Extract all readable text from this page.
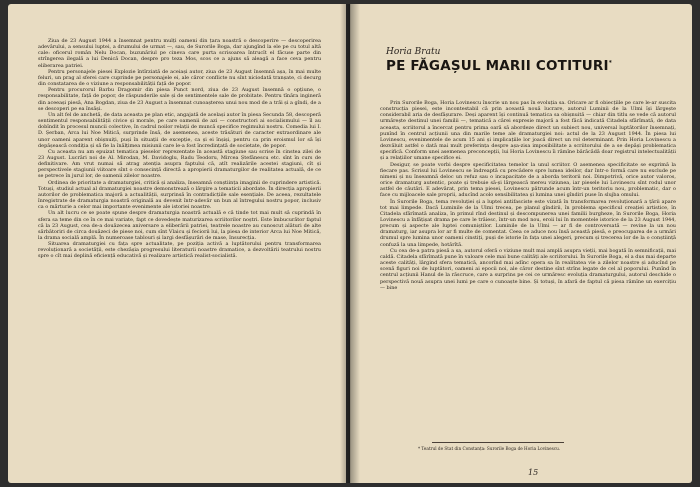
Ziua de 23 August 1944 a însemnat pentru mulți oameni din țara noastră o descoperire — descoperirea adevărului, a sensului luptei, a drumului de urmat —, sau, de Surorile Boga, dar ajungînd la ele pe cu totul altă cale: oficerul român Nelu Docan, buzunăriul pe cineva care purta scrisoarea întrucît el făcuse parte din strîngerea ilegală a lui Denică Docan, despre pro teza Mos, scos ce a ajuns să aleagă a face ceva pentru eliberarea patriei.

Pentru personajele piesei Explozie întîrziată de aceiași autor, ziua de 23 August însemnă așa, în mai multe feluri, un prag al sferei care cuprinde pe personajele ei, ale căror conflicte nu sînt niciodată tranșate, ci decurg din constatarea de o viziune a responsabilității față de popor.

Pentru procurorul Barbu Dragomir din piesa Punct nord, ziua de 23 August însemnă o opțiune, o responsabilitate, față de popor, de răspunderile sale și de sentimentele sale de probitate. Pentru tînăra ingineră din aceeași piesă, Ana Bogdan, ziua de 23 August a însemnat cunoașterea unui nou mod de a trăi și a gîndi, de a se descoperi pe ea însăși.

Un alt fel de anchetă, de data aceasta pe plan etic, angajată de același autor în piesa Secunda 58, descoperă sentimentul responsabilității civice și morale, pe care oamenii de azi — constructori ai socialismului — îl au dobîndit în procesul muncii colective, în cadrul noilor relații de muncă specifice regimului nostru. Comedia lui I. D. Șerban, Arca lui Noe Mitică, surprinde însă, de asemenea, aceste trăsături de caracter extraordinare ale unor oameni aparent obișnuiți, puși în situații de excepție, ca și ei înșiși, pentru ca prin eroismul lor să își depășească condiția și să fie la înălțimea misiunii care le-a fost încredințată de societate, de popor.

Cu aceasta nu am epuizat tematica pieselor reprezentate în această stagiune sau scrise în cinstea zilei de 23 August. Lucrări noi de Al. Mirodan, M. Davidoglu, Radu Teodoru, Mircea Ștefănescu etc. sînt în curs de definitivare. Am vrut numai să atrag atenția asupra faptului că, atît realizările acestei stagiuni, cît și perspectivele stagiunii viitoare sînt o consecință directă a apropierii dramaturgilor de realitatea actuală, de ce se petrece în jurul lor, de oamenii zilelor noastre.

Ordinea de prioritate a dramaturgiei, critică și analiza, înseamnă conștiința imaginii de cuprindere artistică. Totuși, studiul actual al dramaturgiei noastre demonstrează o lărgire a tematicii abordate. În direcția apropierii autorilor de problematica majoră a actualității, surprinsă în contradicțiile sale esențiale. De aceea, rezultatele înregistrate de dramaturgia noastră originală au devenit într-adevăr un bun al întregului nostru popor, inclusiv ca o mărturie a celor mai importante evenimente ale istoriei noastre.

Un alt lucru ce se poate spune despre dramaturgia noastră actuală e că tinde tot mai mult să cuprindă în sfera sa teme din ce în ce mai variate, fapt ce dovedește maturizarea scriitorilor noștri. Este îmbucurător faptul că la 23 August, cea de-a douăzecea aniversare a eliberării patriei, teatrele noastre au cunoscut alături de alte sărbătoriri de circa douăzeci de piese noi, cum sînt Vlaicu și feciorii lui, la piesa de interior Arca lui Noe Mitică, la drama socială amplă. În numeroase tablouri și largi desfășurări de mase, Insurecția.

Situarea dramaturgiei cu fața spre actualitate, pe poziția activă a luptătorului pentru transformarea revoluționară a societății, este chezășia progresului literaturii noastre dramatice, a dezvoltării teatrului nostru spre o cît mai deplină eficiență educativă și realizare artistică realist-socialistă.

Horia Bratu
PE FĂGAȘUL MARII COTITURI*

Prin Surorile Boga, Horia Lovinescu înscrie un nou pas în evoluția sa. Oricare ar fi obiecțiile pe care le-ar suscita construcția piesei, este incontestabil că prin această nouă lucrare, autorul Luminii de la Ulmi își lărgește considerabil aria de desfășurare. Deși aparent își continuă tematica sa obișnuită — chiar din titlu se vede că autorul urmărește destinul unei familii —, tematică a cărei expresie majoră a fost făcă indicată Citadela sfărîmată, de data aceasta, scriitorul a încercat pentru prima oară să abordeze direct un subiect nou, universal luptătorilor însemnați, punînd în centrul acțiunii una din marile teme ale dramaturgiei noi: actul de la 23 August 1944. În piesa lui Lovinescu, evenimentele de acum 15 ani și implicațiile lor joacă direct un rol determinant. Prin Horia Lovinescu a dezvăluit astfel o dată mai mult preferința despre așa-zisa imposibilitate a scriitorului de a se depăși problematica specifică. Conform unei asemenea preconcepții, lui Horia Lovinescu îi rămîne bărăcădă doar registrul intelectualității și a relațiilor umane specifice ei.

Desigur, se poate vorbi despre specificitatea temelor la unul scriitor. O asemenea specificitate se exprimă la fiecare pas. Scrisul lui Lovinescu se îndreaptă cu precădere spre lumea ideilor, dar într-o formă care nu exclude pe nimeni și nu înseamnă deloc un refuz sau o incapacitate de a aborda teritorii noi. Dimpotrivă, orice autor valoros, orice dramaturg autentic, poate și trebuie să-și lărgească mereu viziunea, iar piesele lui Lovinescu sînt rodul unor astfel de căutări. E adevărat, prin tema piesei, Lovinescu pătrunde acum într-un teritoriu nou, problematic, dar o face cu mijloacele sale proprii, aducînd acolo sensibilitatea și lumina unei gîndiri puse în slujba omului.

În Surorile Boga, tema revoluției și a luptei antifasciste este vizată în transformarea revoluționară a țării apare tot mai limpede. Dacă Luminile de la Ulmi trecea, pe planul gîndirii, în problema specificul creației artistice, în Citadela sfărîmată analiza, în primul rînd destinul și descompunerea unei familii burgheze, în Surorile Boga, Horia Lovinescu a înfățișat drama pe care le trăiesc, într-un mod nou, eroii lui în momentele istorice de la 23 August 1944, precum și aspecte ale luptei comuniștilor. Luminile de la Ulmi — ar fi de controversată — revine la un nou dramaturg, iar asupra lor ar fi multe de comentat. Ceea ce aduce nou însă această piesă, e preocuparea de a urmări drumul spre lumina unor oameni cinstiți, puși de istorie în fața unei alegeri, precum și trecerea lor de la o conștiință confuză la una limpede, hotărîtă.

Cu cea de-a patra piesă a sa, autorul oferă o viziune mult mai amplă asupra vieții, mai bogată în semnificații, mai caldă. Citadela sfărîmată pune în valoare cele mai bune calități ale scriitorului. În Surorile Boga, el a dus mai departe aceste calități, lărgind sfera tematică, ancorînd mai adînc opera sa în realitatea vie a zilelor noastre și aducînd pe scenă figuri noi de luptători, oameni ai epocii noi, ale căror destine sînt strîns legate de cel al poporului. Punînd în centrul acțiunii Hanul de la răscruce, care a surprins pe cei ce urmăresc evoluția dramaturgului, autorul deschide o perspectivă nouă asupra unei lumi pe care o cunoaște bine. Și totuși, în afară de faptul că piesa rămîne un exercițiu — bine

* Teatrul de Stat din Constanța: Surorile Boga de Horia Lovinescu.
15
